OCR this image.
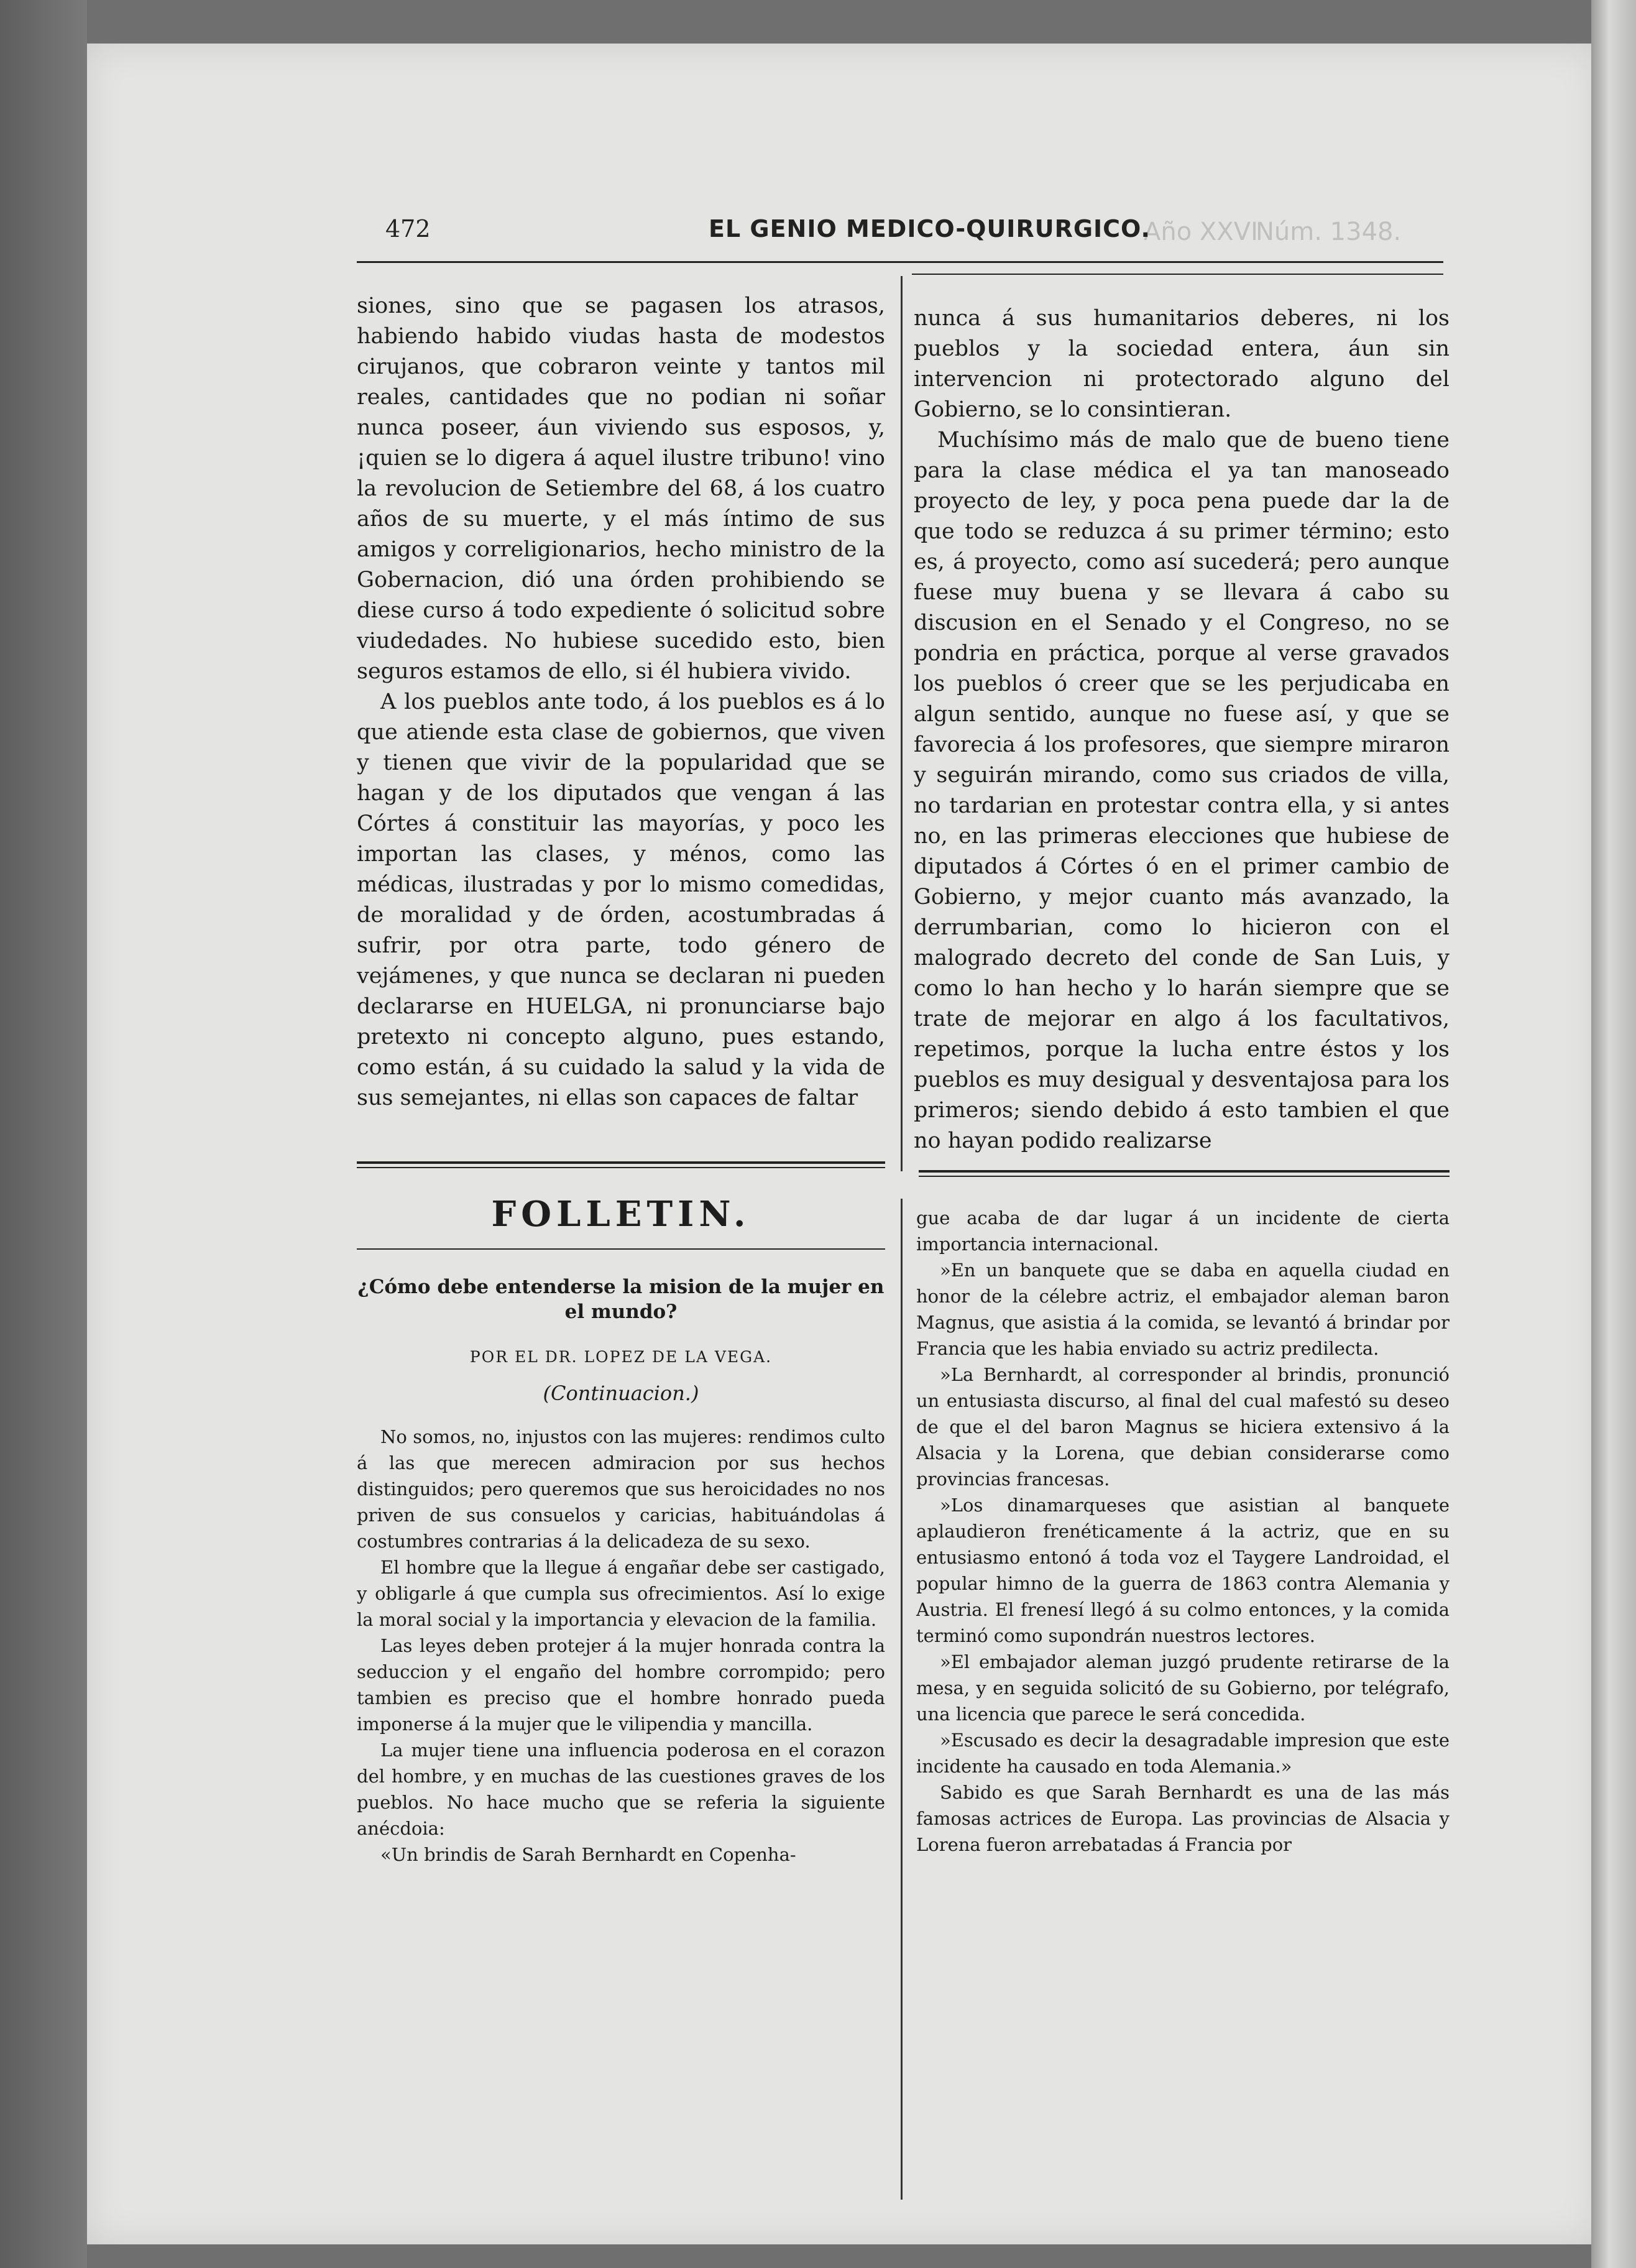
Año XXVI
Núm. 1348.
472	EL GENIO MEDICO-QUIRURGICO.

siones, sino que se pagasen los atrasos, habiendo habido viudas hasta de modestos cirujanos, que cobraron veinte y tantos mil reales, cantidades que no podian ni soñar nunca poseer, áun viviendo sus esposos, y, ¡quien se lo digera á aquel ilustre tribuno! vino la revolucion de Setiembre del 68, á los cuatro años de su muerte, y el más íntimo de sus amigos y correligionarios, hecho ministro de la Gobernacion, dió una órden prohibiendo se diese curso á todo expediente ó solicitud sobre viudedades. No hubiese sucedido esto, bien seguros estamos de ello, si él hubiera vivido.

A los pueblos ante todo, á los pueblos es á lo que atiende esta clase de gobiernos, que viven y tienen que vivir de la popularidad que se hagan y de los diputados que vengan á las Córtes á constituir las mayorías, y poco les importan las clases, y ménos, como las médicas, ilustradas y por lo mismo comedidas, de moralidad y de órden, acostumbradas á sufrir, por otra parte, todo género de vejámenes, y que nunca se declaran ni pueden declararse en HUELGA, ni pronunciarse bajo pretexto ni concepto alguno, pues estando, como están, á su cuidado la salud y la vida de sus semejantes, ni ellas son capaces de faltar

nunca á sus humanitarios deberes, ni los pueblos y la sociedad entera, áun sin intervencion ni protectorado alguno del Gobierno, se lo consintieran.

Muchísimo más de malo que de bueno tiene para la clase médica el ya tan manoseado proyecto de ley, y poca pena puede dar la de que todo se reduzca á su primer término; esto es, á proyecto, como así sucederá; pero aunque fuese muy buena y se llevara á cabo su discusion en el Senado y el Congreso, no se pondria en práctica, porque al verse gravados los pueblos ó creer que se les perjudicaba en algun sentido, aunque no fuese así, y que se favorecia á los profesores, que siempre miraron y seguirán mirando, como sus criados de villa, no tardarian en protestar contra ella, y si antes no, en las primeras elecciones que hubiese de diputados á Córtes ó en el primer cambio de Gobierno, y mejor cuanto más avanzado, la derrumbarian, como lo hicieron con el malogrado decreto del conde de San Luis, y como lo han hecho y lo harán siempre que se trate de mejorar en algo á los facultativos, repetimos, porque la lucha entre éstos y los pueblos es muy desigual y desventajosa para los primeros; siendo debido á esto tambien el que no hayan podido realizarse

FOLLETIN.
¿Cómo debe entenderse la mision de la mujer en el mundo?
POR EL DR. LOPEZ DE LA VEGA.
(Continuacion.)

No somos, no, injustos con las mujeres: rendimos culto á las que merecen admiracion por sus hechos distinguidos; pero queremos que sus heroicidades no nos priven de sus consuelos y caricias, habituándolas á costumbres contrarias á la delicadeza de su sexo.

El hombre que la llegue á engañar debe ser castigado, y obligarle á que cumpla sus ofrecimientos. Así lo exige la moral social y la importancia y elevacion de la familia.

Las leyes deben protejer á la mujer honrada contra la seduccion y el engaño del hombre corrompido; pero tambien es preciso que el hombre honrado pueda imponerse á la mujer que le vilipendia y mancilla.

La mujer tiene una influencia poderosa en el corazon del hombre, y en muchas de las cuestiones graves de los pueblos. No hace mucho que se referia la siguiente anécdoia:

«Un brindis de Sarah Bernhardt en Copenha-

gue acaba de dar lugar á un incidente de cierta importancia internacional.

»En un banquete que se daba en aquella ciudad en honor de la célebre actriz, el embajador aleman baron Magnus, que asistia á la comida, se levantó á brindar por Francia que les habia enviado su actriz predilecta.

»La Bernhardt, al corresponder al brindis, pronunció un entusiasta discurso, al final del cual mafestó su deseo de que el del baron Magnus se hiciera extensivo á la Alsacia y la Lorena, que debian considerarse como provincias francesas.

»Los dinamarqueses que asistian al banquete aplaudieron frenéticamente á la actriz, que en su entusiasmo entonó á toda voz el Taygere Landroidad, el popular himno de la guerra de 1863 contra Alemania y Austria. El frenesí llegó á su colmo entonces, y la comida terminó como supondrán nuestros lectores.

»El embajador aleman juzgó prudente retirarse de la mesa, y en seguida solicitó de su Gobierno, por telégrafo, una licencia que parece le será concedida.

»Escusado es decir la desagradable impresion que este incidente ha causado en toda Alemania.»

Sabido es que Sarah Bernhardt es una de las más famosas actrices de Europa. Las provincias de Alsacia y Lorena fueron arrebatadas á Francia por
